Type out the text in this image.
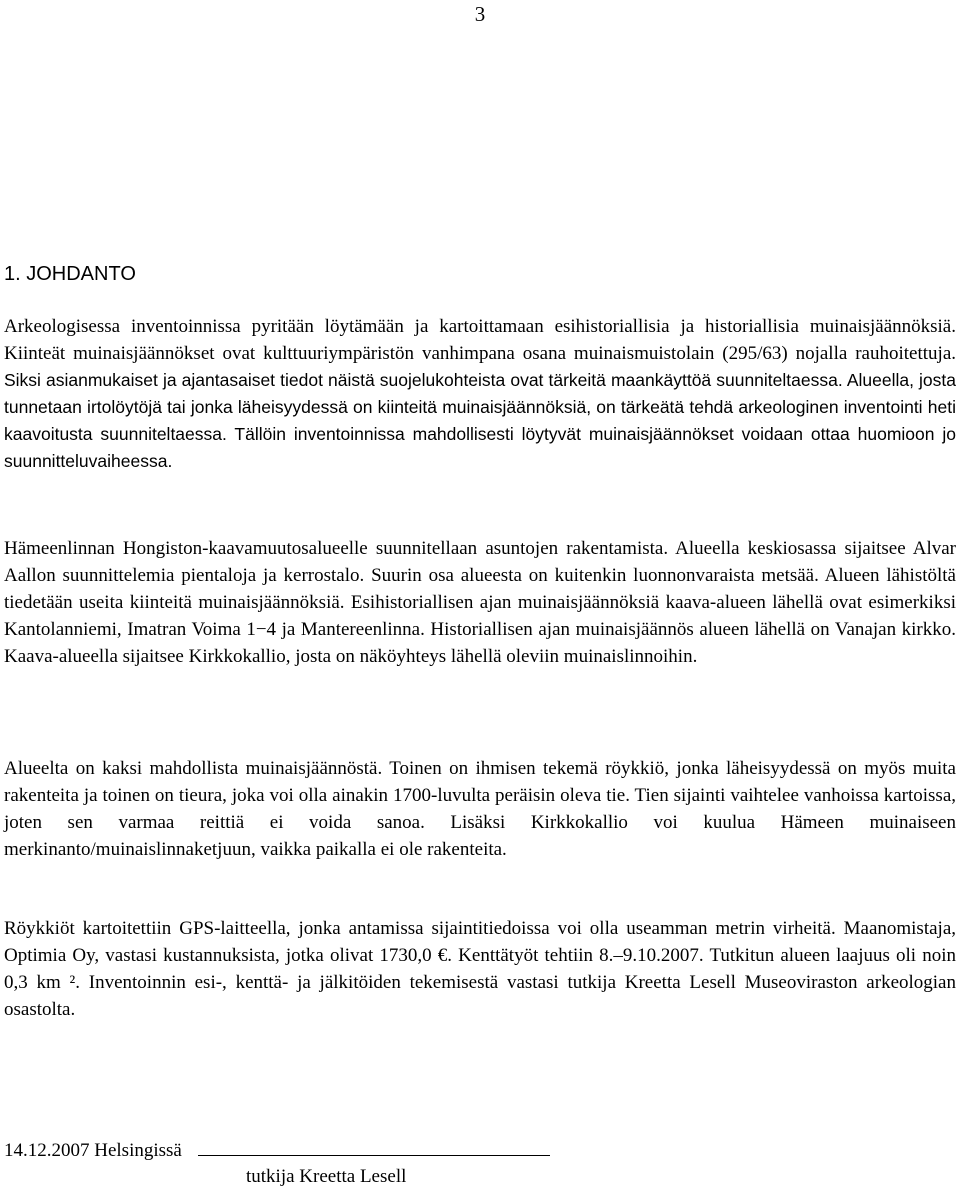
3
1. JOHDANTO

Arkeologisessa inventoinnissa pyritään löytämään ja kartoittamaan esihistoriallisia ja historiallisia muinaisjäännöksiä. Kiinteät muinaisjäännökset ovat kulttuuriympäristön vanhimpana osana muinaismuistolain (295/63) nojalla rauhoitettuja. Siksi asianmukaiset ja ajantasaiset tiedot näistä suojelukohteista ovat tärkeitä maankäyttöä suunniteltaessa. Alueella, josta tunnetaan irtolöytöjä tai jonka läheisyydessä on kiinteitä muinaisjäännöksiä, on tärkeätä tehdä arkeologinen inventointi heti kaavoitusta suunniteltaessa. Tällöin inventoinnissa mahdollisesti löytyvät muinaisjäännökset voidaan ottaa huomioon jo suunnitteluvaiheessa.

Hämeenlinnan Hongiston-kaavamuutosalueelle suunnitellaan asuntojen rakentamista. Alueella keskiosassa sijaitsee Alvar Aallon suunnittelemia pientaloja ja kerrostalo. Suurin osa alueesta on kuitenkin luonnonvaraista metsää. Alueen lähistöltä tiedetään useita kiinteitä muinaisjäännöksiä. Esihistoriallisen ajan muinaisjäännöksiä kaava-alueen lähellä ovat esimerkiksi Kantolanniemi, Imatran Voima 1−4 ja Mantereenlinna. Historiallisen ajan muinaisjäännös alueen lähellä on Vanajan kirkko. Kaava-alueella sijaitsee Kirkkokallio, josta on näköyhteys lähellä oleviin muinaislinnoihin.

Alueelta on kaksi mahdollista muinaisjäännöstä. Toinen on ihmisen tekemä röykkiö, jonka läheisyydessä on myös muita rakenteita ja toinen on tieura, joka voi olla ainakin 1700-luvulta peräisin oleva tie. Tien sijainti vaihtelee vanhoissa kartoissa, joten sen varmaa reittiä ei voida sanoa. Lisäksi Kirkkokallio voi kuulua Hämeen muinaiseen merkinanto/muinaislinnaketjuun, vaikka paikalla ei ole rakenteita.

Röykkiöt kartoitettiin GPS-laitteella, jonka antamissa sijaintitiedoissa voi olla useamman metrin virheitä. Maanomistaja, Optimia Oy, vastasi kustannuksista, jotka olivat 1730,0 €. Kenttätyöt tehtiin 8.–9.10.2007. Tutkitun alueen laajuus oli noin 0,3 km ². Inventoinnin esi-, kenttä- ja jälkitöiden tekemisestä vastasi tutkija Kreetta Lesell Museoviraston arkeologian osastolta.

14.12.2007 Helsingissä
tutkija Kreetta Lesell
